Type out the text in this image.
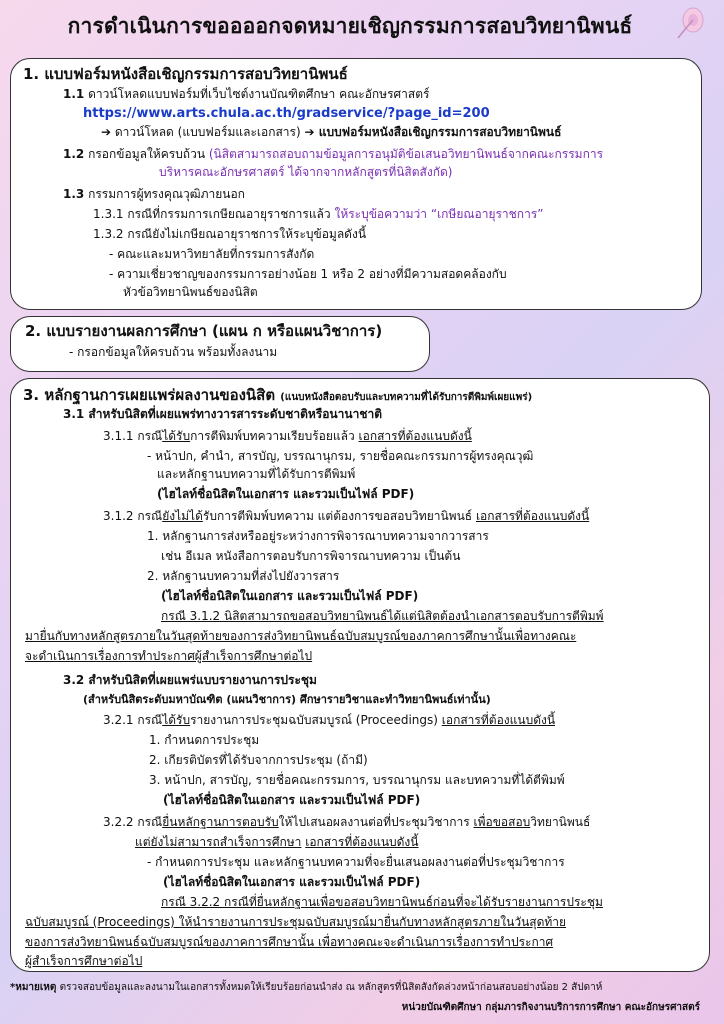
การดำเนินการขออออกจดหมายเชิญกรรมการสอบวิทยานิพนธ์
1. แบบฟอร์มหนังสือเชิญกรรมการสอบวิทยานิพนธ์
1.1 ดาวน์โหลดแบบฟอร์มที่เว็บไซต์งานบัณฑิตศึกษา คณะอักษรศาสตร์
https://www.arts.chula.ac.th/gradservice/?page_id=200
➔ ดาวน์โหลด (แบบฟอร์มและเอกสาร) ➔ แบบฟอร์มหนังสือเชิญกรรมการสอบวิทยานิพนธ์
1.2 กรอกข้อมูลให้ครบถ้วน (นิสิตสามารถสอบถามข้อมูลการอนุมัติข้อเสนอวิทยานิพนธ์จากคณะกรรมการ
บริหารคณะอักษรศาสตร์ ได้จากจากหลักสูตรที่นิสิตสังกัด)
1.3 กรรมการผู้ทรงคุณวุฒิภายนอก
1.3.1 กรณีที่กรรมการเกษียณอายุราชการแล้ว ให้ระบุข้อความว่า “เกษียณอายุราชการ”
1.3.2 กรณียังไม่เกษียณอายุราชการให้ระบุข้อมูลดังนี้
- คณะและมหาวิทยาลัยที่กรรมการสังกัด
- ความเชี่ยวชาญของกรรมการอย่างน้อย 1 หรือ 2 อย่างที่มีความสอดคล้องกับ
หัวข้อวิทยานิพนธ์ของนิสิต
2. แบบรายงานผลการศึกษา (แผน ก หรือแผนวิชาการ)
- กรอกข้อมูลให้ครบถ้วน พร้อมทั้งลงนาม
3. หลักฐานการเผยแพร่ผลงานของนิสิต (แนบหนังสือตอบรับและบทความที่ได้รับการตีพิมพ์เผยแพร่)
3.1 สำหรับนิสิตที่เผยแพร่ทางวารสารระดับชาติหรือนานาชาติ
3.1.1 กรณีได้รับการตีพิมพ์บทความเรียบร้อยแล้ว เอกสารที่ต้องแนบดังนี้
- หน้าปก, คำนำ, สารบัญ, บรรณานุกรม, รายชื่อคณะกรรมการผู้ทรงคุณวุฒิ
และหลักฐานบทความที่ได้รับการตีพิมพ์
(ไฮไลท์ชื่อนิสิตในเอกสาร และรวมเป็นไฟล์ PDF)
3.1.2 กรณียังไม่ได้รับการตีพิมพ์บทความ แต่ต้องการขอสอบวิทยานิพนธ์ เอกสารที่ต้องแนบดังนี้
1. หลักฐานการส่งหรืออยู่ระหว่างการพิจารณาบทความจากวารสาร
เช่น อีเมล หนังสือการตอบรับการพิจารณาบทความ เป็นต้น
2. หลักฐานบทความที่ส่งไปยังวารสาร
(ไฮไลท์ชื่อนิสิตในเอกสาร และรวมเป็นไฟล์ PDF)
กรณี 3.1.2 นิสิตสามารถขอสอบวิทยานิพนธ์ได้แต่นิสิตต้องนำเอกสารตอบรับการตีพิมพ์
มายื่นกับทางหลักสูตรภายในวันสุดท้ายของการส่งวิทยานิพนธ์ฉบับสมบูรณ์ของภาคการศึกษานั้นเพื่อทางคณะ
จะดำเนินการเรื่องการทำประกาศผู้สำเร็จการศึกษาต่อไป
3.2 สำหรับนิสิตที่เผยแพร่แบบรายงานการประชุม
(สำหรับนิสิตระดับมหาบัณฑิต (แผนวิชาการ) ศึกษารายวิชาและทำวิทยานิพนธ์เท่านั้น)
3.2.1 กรณีได้รับรายงานการประชุมฉบับสมบูรณ์ (Proceedings) เอกสารที่ต้องแนบดังนี้
1. กำหนดการประชุม
2. เกียรติบัตรที่ได้รับจากการประชุม (ถ้ามี)
3. หน้าปก, สารบัญ, รายชื่อคณะกรรมการ, บรรณานุกรม และบทความที่ได้ตีพิมพ์
(ไฮไลท์ชื่อนิสิตในเอกสาร และรวมเป็นไฟล์ PDF)
3.2.2 กรณียื่นหลักฐานการตอบรับให้ไปเสนอผลงานต่อที่ประชุมวิชาการ เพื่อขอสอบวิทยานิพนธ์
แต่ยังไม่สามารถสำเร็จการศึกษา เอกสารที่ต้องแนบดังนี้
- กำหนดการประชุม และหลักฐานบทความที่จะยื่นเสนอผลงานต่อที่ประชุมวิชาการ
(ไฮไลท์ชื่อนิสิตในเอกสาร และรวมเป็นไฟล์ PDF)
กรณี 3.2.2 กรณีที่ยื่นหลักฐานเพื่อขอสอบวิทยานิพนธ์ก่อนที่จะได้รับรายงานการประชุม
ฉบับสมบูรณ์ (Proceedings) ให้นำรายงานการประชุมฉบับสมบูรณ์มายื่นกับทางหลักสูตรภายในวันสุดท้าย
ของการส่งวิทยานิพนธ์ฉบับสมบูรณ์ของภาคการศึกษานั้น เพื่อทางคณะจะดำเนินการเรื่องการทำประกาศ
ผู้สำเร็จการศึกษาต่อไป
*หมายเหตุ ตรวจสอบข้อมูลและลงนามในเอกสารทั้งหมดให้เรียบร้อยก่อนนำส่ง ณ หลักสูตรที่นิสิตสังกัดล่วงหน้าก่อนสอบอย่างน้อย 2 สัปดาห์
หน่วยบัณฑิตศึกษา กลุ่มภารกิจงานบริการการศึกษา คณะอักษรศาสตร์
